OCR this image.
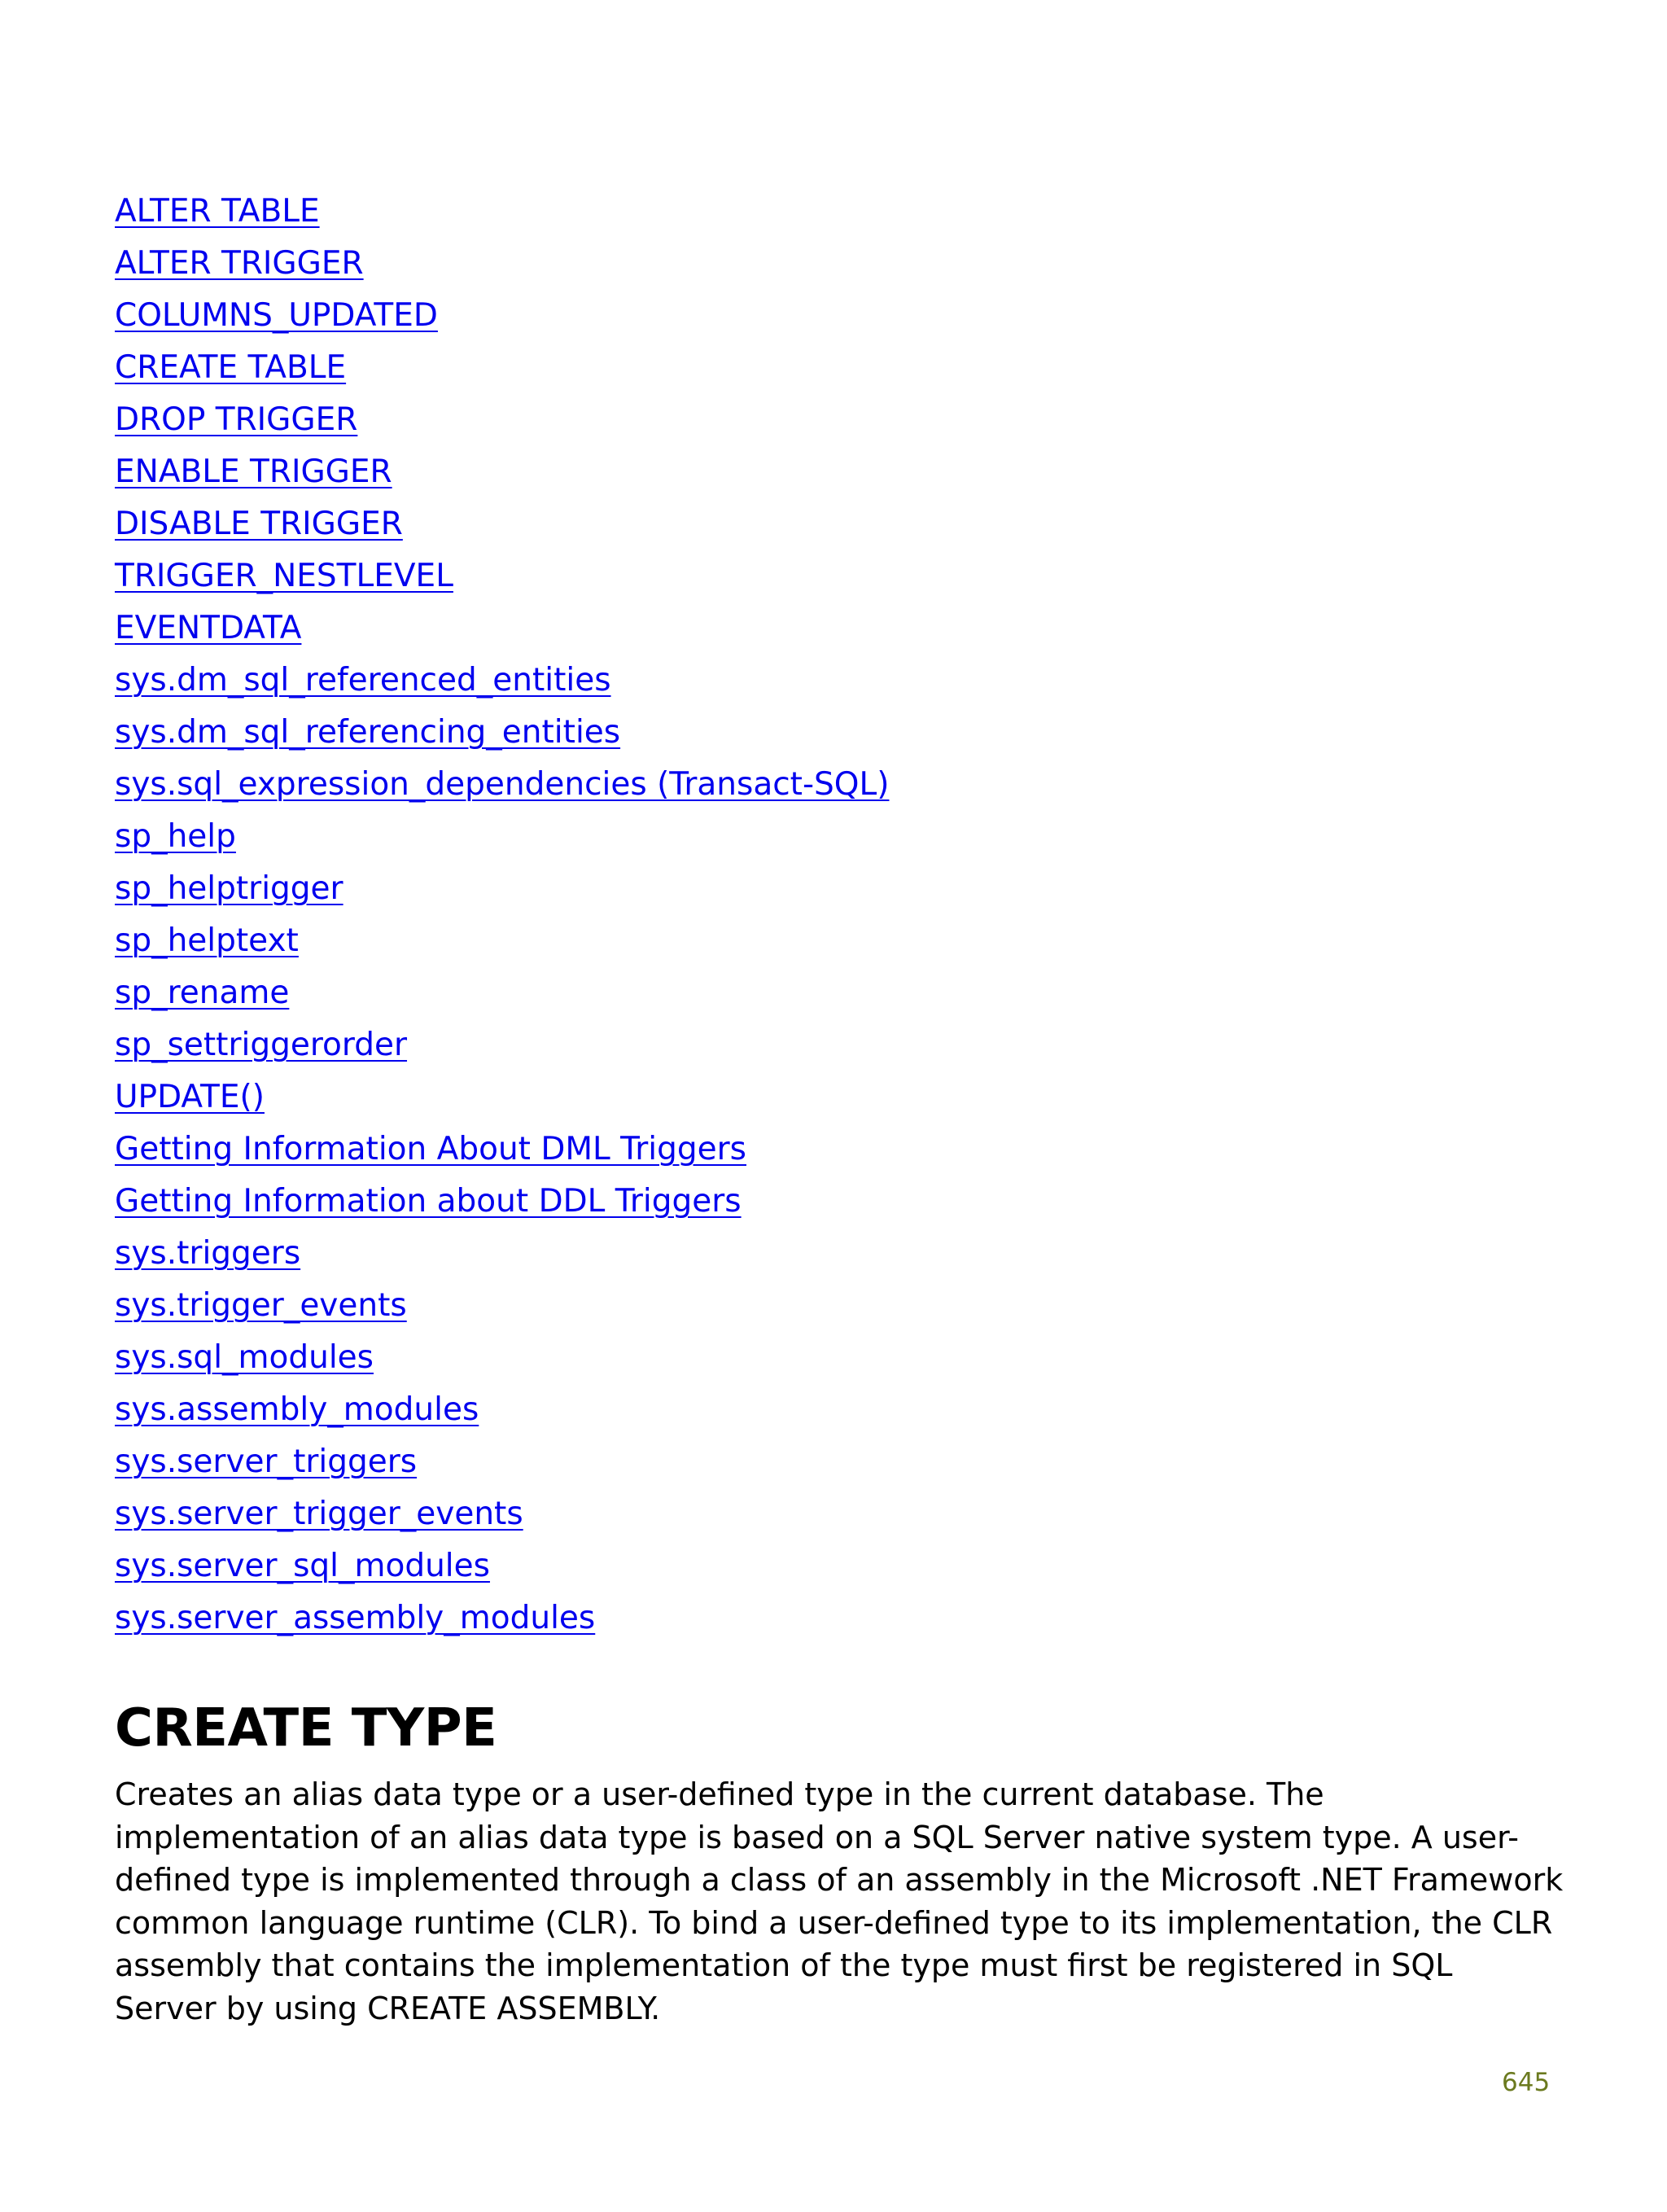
ALTER TABLE
ALTER TRIGGER
COLUMNS_UPDATED
CREATE TABLE
DROP TRIGGER
ENABLE TRIGGER
DISABLE TRIGGER
TRIGGER_NESTLEVEL
EVENTDATA
sys.dm_sql_referenced_entities
sys.dm_sql_referencing_entities
sys.sql_expression_dependencies (Transact-SQL)
sp_help
sp_helptrigger
sp_helptext
sp_rename
sp_settriggerorder
UPDATE()
Getting Information About DML Triggers
Getting Information about DDL Triggers
sys.triggers
sys.trigger_events
sys.sql_modules
sys.assembly_modules
sys.server_triggers
sys.server_trigger_events
sys.server_sql_modules
sys.server_assembly_modules
CREATE TYPE

Creates an alias data type or a user-defined type in the current database. The implementation of an alias data type is based on a SQL Server native system type. A user-defined type is implemented through a class of an assembly in the Microsoft .NET Framework common language runtime (CLR). To bind a user-defined type to its implementation, the CLR assembly that contains the implementation of the type must first be registered in SQL Server by using CREATE ASSEMBLY.

645
